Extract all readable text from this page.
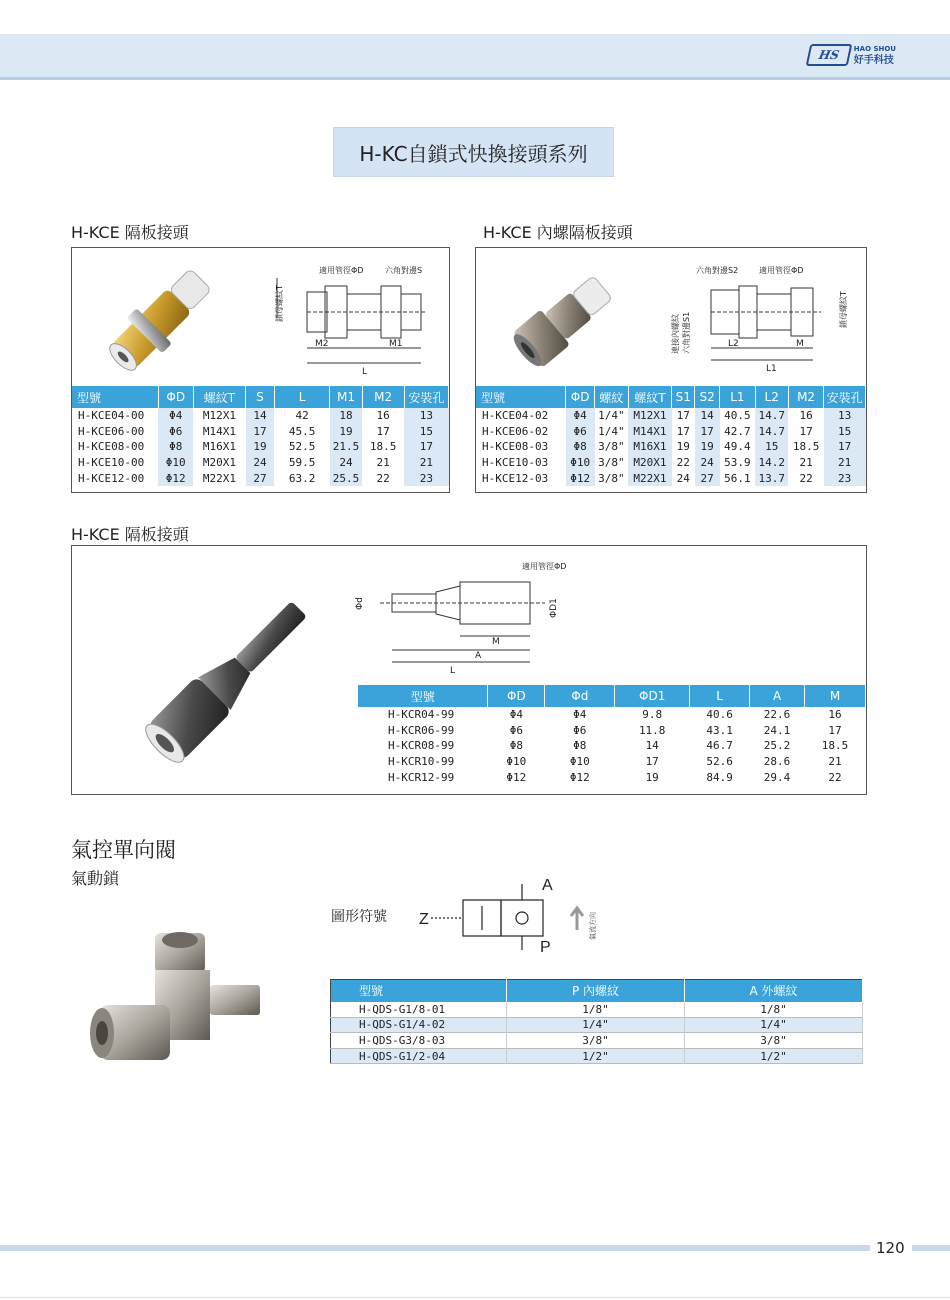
HS HAO SHOU
好手科技
H-KC自鎖式快換接頭系列
H-KCE 隔板接頭
M2	M1
L
適用管徑ΦD	六角對邊S
鎖母螺紋T
型號	ΦD	螺紋T	S	L	M1	M2	安裝孔
H-KCE04-00	Φ4	M12X1	14	42	18	16	13
H-KCE06-00	Φ6	M14X1	17	45.5	19	17	15
H-KCE08-00	Φ8	M16X1	19	52.5	21.5	18.5	17
H-KCE10-00	Φ10	M20X1	24	59.5	24	21	21
H-KCE12-00	Φ12	M22X1	27	63.2	25.5	22	23
H-KCE 內螺隔板接頭
L2	M
L1
六角對邊S2	適用管徑ΦD
連接內螺紋 六角對邊S1
鎖母螺紋T
型號	ΦD	螺紋	螺紋T	S1	S2	L1	L2	M2	安裝孔
H-KCE04-02	Φ4	1/4"	M12X1	17	14	40.5	14.7	16	13
H-KCE06-02	Φ6	1/4"	M14X1	17	17	42.7	14.7	17	15
H-KCE08-03	Φ8	3/8"	M16X1	19	19	49.4	15	18.5	17
H-KCE10-03	Φ10	3/8"	M20X1	22	24	53.9	14.2	21	21
H-KCE12-03	Φ12	3/8"	M22X1	24	27	56.1	13.7	22	23
H-KCE 隔板接頭
適用管徑ΦD
Φd	ΦD1
M
A
L
型號	ΦD	Φd	ΦD1	L	A	M
H-KCR04-99	Φ4	Φ4	9.8	40.6	22.6	16
H-KCR06-99	Φ6	Φ6	11.8	43.1	24.1	17
H-KCR08-99	Φ8	Φ8	14	46.7	25.2	18.5
H-KCR10-99	Φ10	Φ10	17	52.6	28.6	21
H-KCR12-99	Φ12	Φ12	19	84.9	29.4	22
氣控單向閥
氣動鎖
圖形符號
A
P
Z	氣流方向
型號	P 內螺紋	A 外螺紋
H-QDS-G1/8-01	1/8"	1/8"
H-QDS-G1/4-02	1/4"	1/4"
H-QDS-G3/8-03	3/8"	3/8"
H-QDS-G1/2-04	1/2"	1/2"
120
